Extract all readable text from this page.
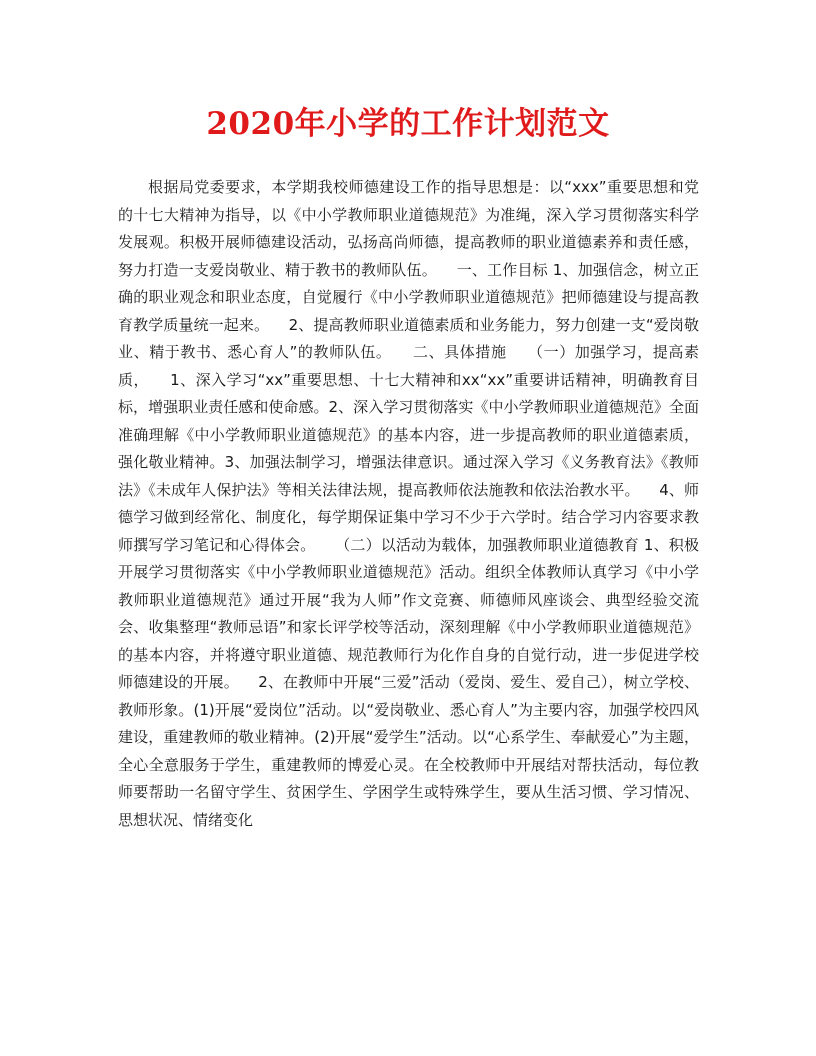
2020年小学的工作计划范文

根据局党委要求，本学期我校师德建设工作的指导思想是：以“xxx”重要思想和党的十七大精神为指导，以《中小学教师职业道德规范》为准绳，深入学习贯彻落实科学发展观。积极开展师德建设活动，弘扬高尚师德，提高教师的职业道德素养和责任感，努力打造一支爱岗敬业、精于教书的教师队伍。    一、工作目标 1、加强信念，树立正确的职业观念和职业态度，自觉履行《中小学教师职业道德规范》把师德建设与提高教育教学质量统一起来。    2、提高教师职业道德素质和业务能力，努力创建一支“爱岗敬业、精于教书、悉心育人”的教师队伍。    二、具体措施    （一）加强学习，提高素质，    1、深入学习“xx”重要思想、十七大精神和xx“xx”重要讲话精神，明确教育目标，增强职业责任感和使命感。2、深入学习贯彻落实《中小学教师职业道德规范》全面准确理解《中小学教师职业道德规范》的基本内容，进一步提高教师的职业道德素质，强化敬业精神。3、加强法制学习，增强法律意识。通过深入学习《义务教育法》《教师法》《未成年人保护法》等相关法律法规，提高教师依法施教和依法治教水平。    4、师德学习做到经常化、制度化，每学期保证集中学习不少于六学时。结合学习内容要求教师撰写学习笔记和心得体会。    （二）以活动为载体，加强教师职业道德教育 1、积极开展学习贯彻落实《中小学教师职业道德规范》活动。组织全体教师认真学习《中小学教师职业道德规范》通过开展“我为人师”作文竞赛、师德师风座谈会、典型经验交流会、收集整理“教师忌语”和家长评学校等活动，深刻理解《中小学教师职业道德规范》的基本内容，并将遵守职业道德、规范教师行为化作自身的自觉行动，进一步促进学校师德建设的开展。    2、在教师中开展“三爱”活动（爱岗、爱生、爱自己），树立学校、教师形象。(1)开展“爱岗位”活动。以“爱岗敬业、悉心育人”为主要内容，加强学校四风建设，重建教师的敬业精神。(2)开展“爱学生”活动。以“心系学生、奉献爱心”为主题，全心全意服务于学生，重建教师的博爱心灵。在全校教师中开展结对帮扶活动，每位教师要帮助一名留守学生、贫困学生、学困学生或特殊学生，要从生活习惯、学习情况、思想状况、情绪变化
